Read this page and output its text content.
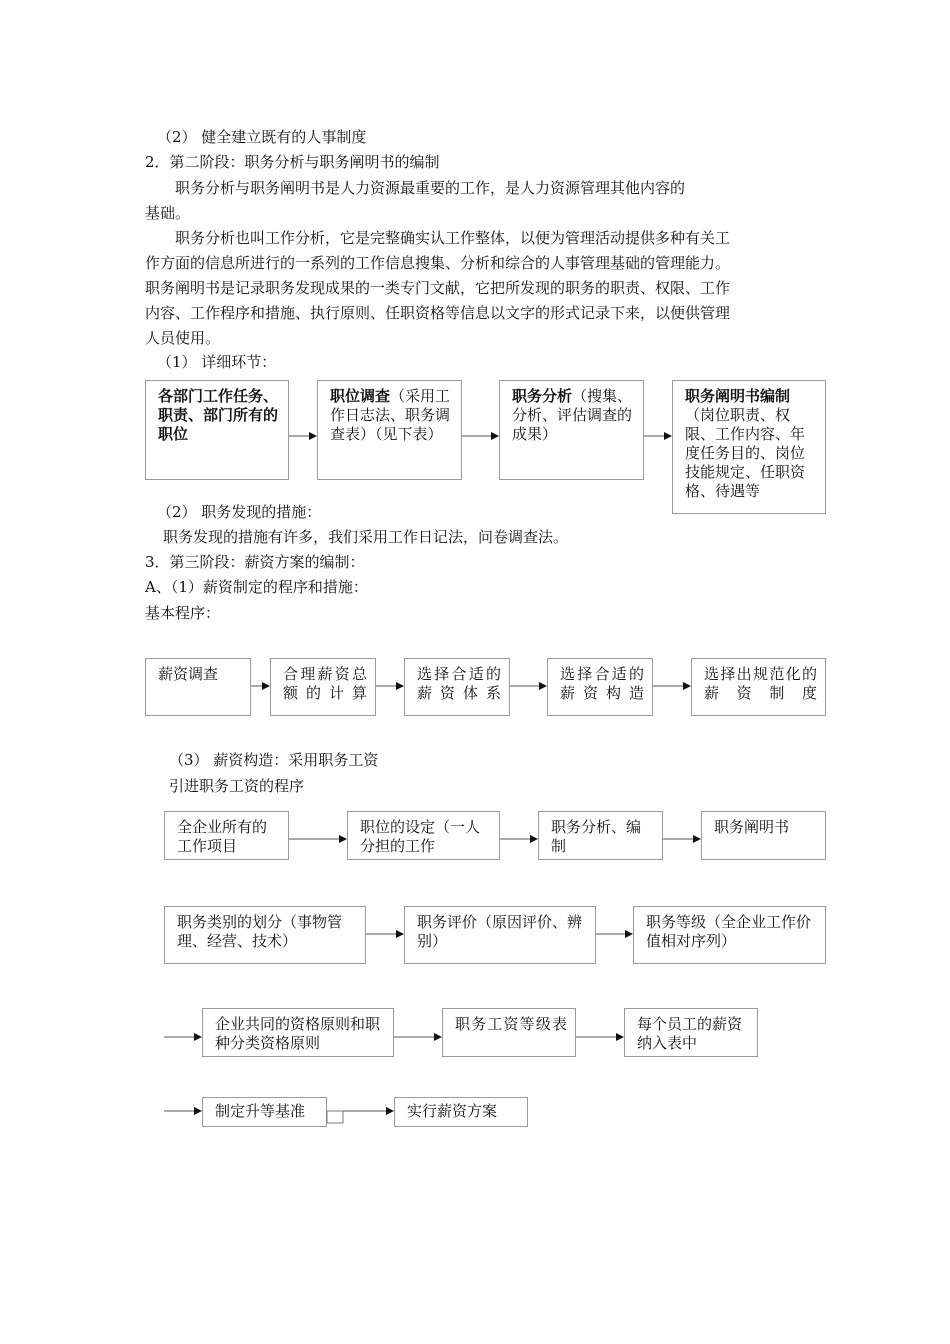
（2） 健全建立既有的人事制度
2．第二阶段：职务分析与职务阐明书的编制
职务分析与职务阐明书是人力资源最重要的工作，是人力资源管理其他内容的
基础。
职务分析也叫工作分析，它是完整确实认工作整体，以便为管理活动提供多种有关工
作方面的信息所进行的一系列的工作信息搜集、分析和综合的人事管理基础的管理能力。
职务阐明书是记录职务发现成果的一类专门文献，它把所发现的职务的职责、权限、工作
内容、工作程序和措施、执行原则、任职资格等信息以文字的形式记录下来，以便供管理
人员使用。
（1） 详细环节：
各部门工作任务、职责、部门所有的职位
职位调查（采用工作日志法、职务调查表）（见下表）
职务分析（搜集、分析、评估调查的成果）
职务阐明书编制（岗位职责、权限、工作内容、年度任务目的、岗位技能规定、任职资格、待遇等
（2） 职务发现的措施：
职务发现的措施有许多，我们采用工作日记法，问卷调查法。
3．第三阶段：薪资方案的编制：
A、（1）薪资制定的程序和措施：
基本程序：
薪资调查	合理薪资总额的计算
选择合适的薪资体系
选择合适的薪资构造
选择出规范化的薪资制度
（3） 薪资构造：采用职务工资
引进职务工资的程序
全企业所有的工作项目
职位的设定（一人分担的工作
职务分析、编制
职务阐明书
职务类别的划分（事物管理、经营、技术）
职务评价（原因评价、辨别）
职务等级（全企业工作价值相对序列）
企业共同的资格原则和职种分类资格原则
职务工资等级表	每个员工的薪资纳入表中
制定升等基准	实行薪资方案
